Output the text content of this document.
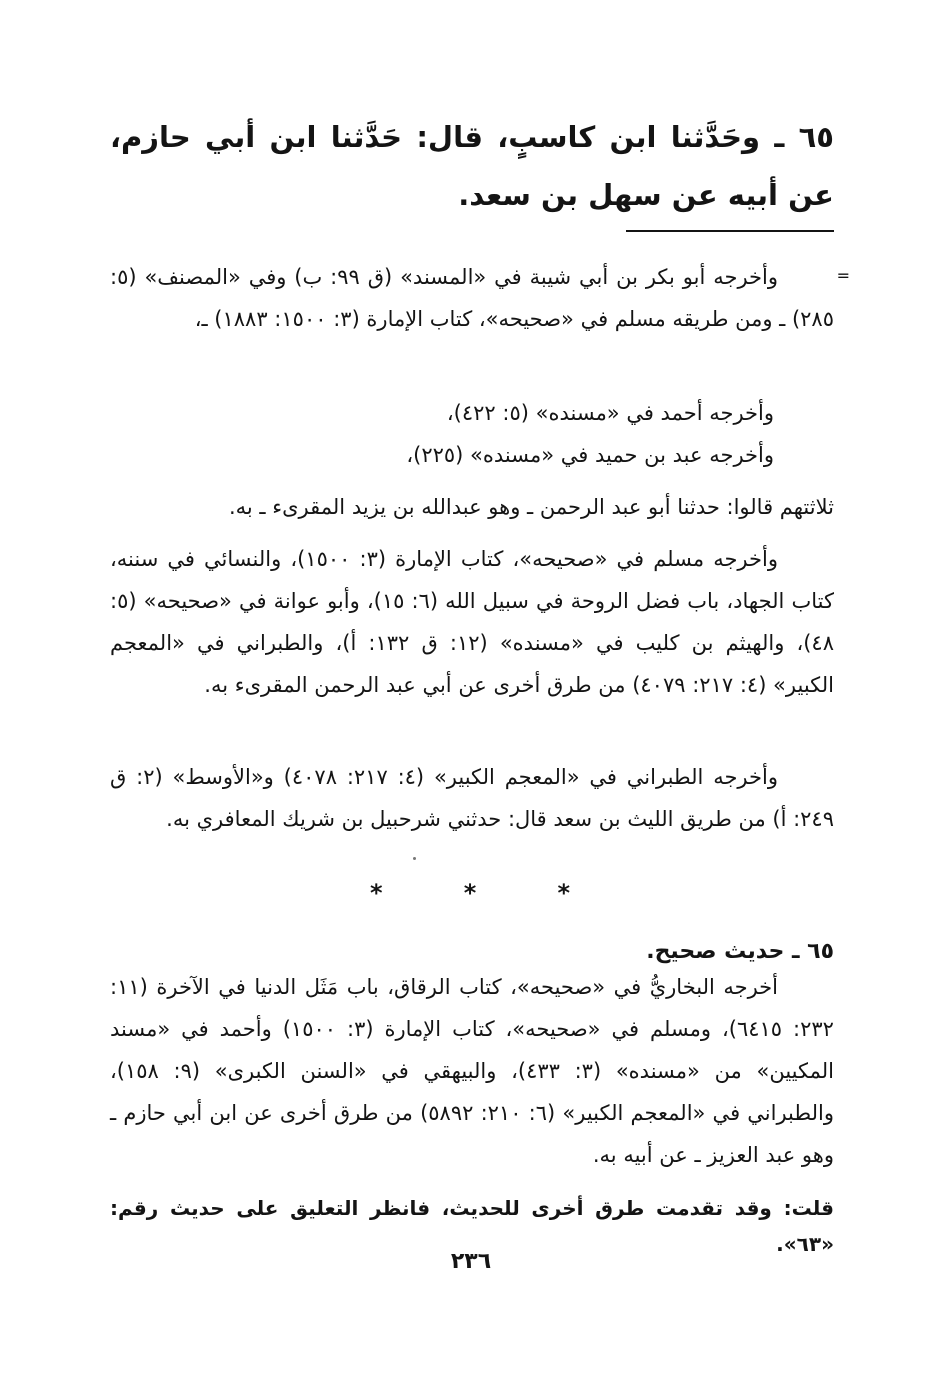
٦٥ ـ وحَدَّثنا ابن كاسبٍ، قال: حَدَّثنا ابن أبي حازم، عن أبيه عن سهل بن سعد.

=

وأخرجه أبو بكر بن أبي شيبة في «المسند» (ق ٩٩: ب) وفي «المصنف» (٥: ٢٨٥) ـ ومن طريقه مسلم في «صحيحه»، كتاب الإمارة (٣: ١٥٠٠: ١٨٨٣) ـ،

وأخرجه أحمد في «مسنده» (٥: ٤٢٢)،

وأخرجه عبد بن حميد في «مسنده» (٢٢٥)،

ثلاثتهم قالوا: حدثنا أبو عبد الرحمن ـ وهو عبدالله بن يزيد المقرىء ـ به.

وأخرجه مسلم في «صحيحه»، كتاب الإمارة (٣: ١٥٠٠)، والنسائي في سننه، كتاب الجهاد، باب فضل الروحة في سبيل الله (٦: ١٥)، وأبو عوانة في «صحيحه» (٥: ٤٨)، والهيثم بن كليب في «مسنده» (١٢: ق ١٣٢: أ)، والطبراني في «المعجم الكبير» (٤: ٢١٧: ٤٠٧٩) من طرق أخرى عن أبي عبد الرحمن المقرىء به.

وأخرجه الطبراني في «المعجم الكبير» (٤: ٢١٧: ٤٠٧٨) و«الأوسط» (٢: ق ٢٤٩: أ) من طريق الليث بن سعد قال: حدثني شرحبيل بن شريك المعافري به.

*	*	*
٦٥ ـ حديث صحيح.

أخرجه البخاريُّ في «صحيحه»، كتاب الرقاق، باب مَثَل الدنيا في الآخرة (١١: ٢٣٢: ٦٤١٥)، ومسلم في «صحيحه»، كتاب الإمارة (٣: ١٥٠٠) وأحمد في «مسند المكيين» من «مسنده» (٣: ٤٣٣)، والبيهقي في «السنن الكبرى» (٩: ١٥٨)، والطبراني في «المعجم الكبير» (٦: ٢١٠: ٥٨٩٢) من طرق أخرى عن ابن أبي حازم ـ وهو عبد العزيز ـ عن أبيه به.

قلت: وقد تقدمت طرق أخرى للحديث، فانظر التعليق على حديث رقم: «٦٣».

٢٣٦
